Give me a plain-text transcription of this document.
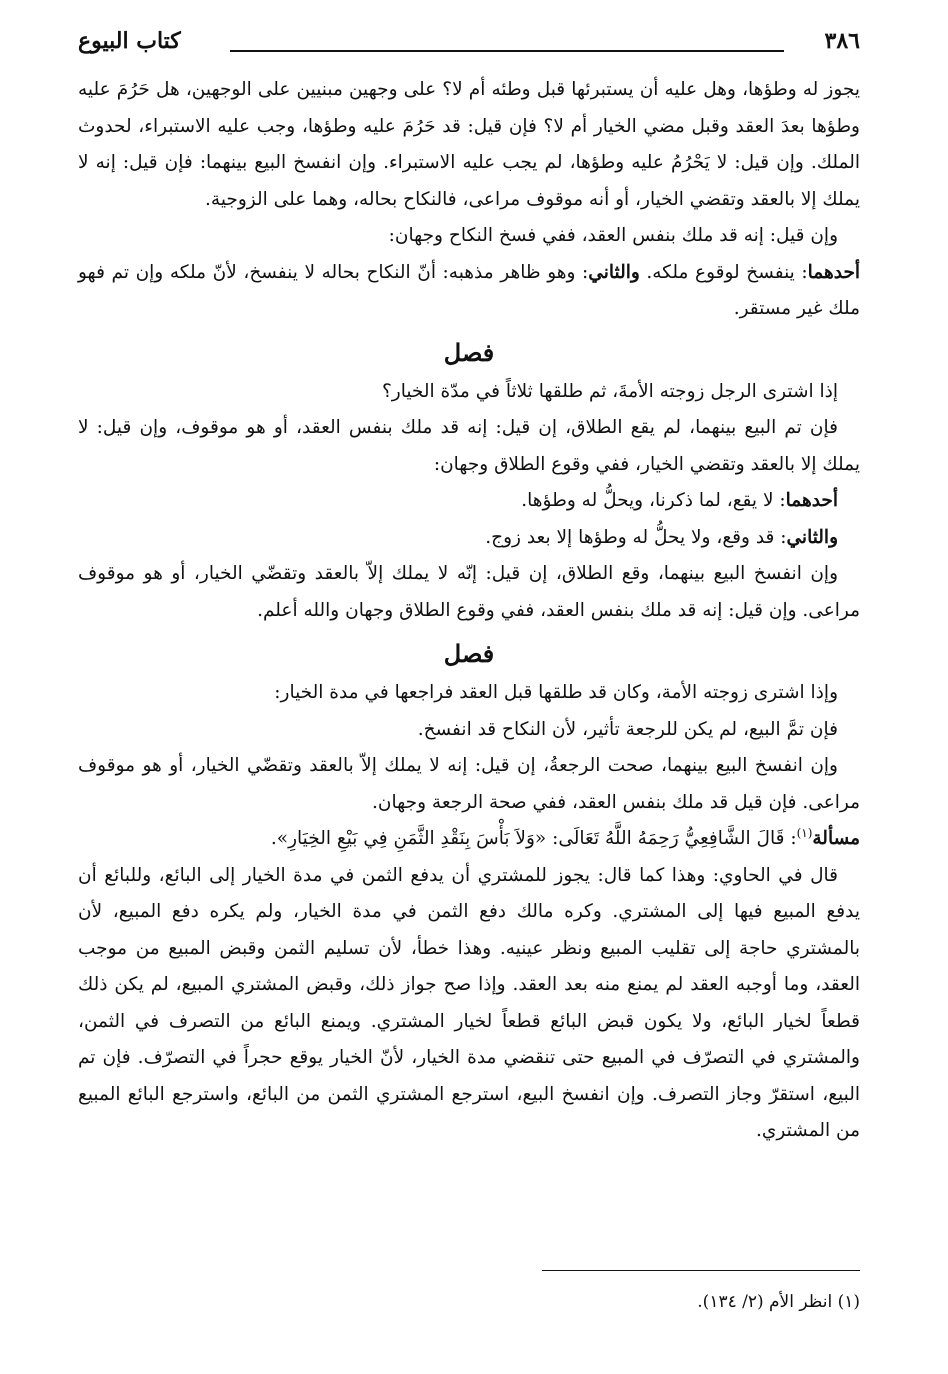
٣٨٦
كتاب البيوع

يجوز له وطؤها، وهل عليه أن يستبرئها قبل وطئه أم لا؟ على وجهين مبنيين على الوجهين، هل حَرُمَ عليه وطؤها بعدَ العقد وقبل مضي الخيار أم لا؟ فإن قيل: قد حَرُمَ عليه وطؤها، وجب عليه الاستبراء، لحدوث الملك. وإن قيل: لا يَحْرُمُ عليه وطؤها، لم يجب عليه الاستبراء. وإن انفسخ البيع بينهما: فإن قيل: إنه لا يملك إلا بالعقد وتقضي الخيار، أو أنه موقوف مراعى، فالنكاح بحاله، وهما على الزوجية.

وإن قيل: إنه قد ملك بنفس العقد، ففي فسخ النكاح وجهان:

أحدهما: ينفسخ لوقوع ملكه. والثاني: وهو ظاهر مذهبه: أنّ النكاح بحاله لا ينفسخ، لأنّ ملكه وإن تم فهو ملك غير مستقر.

فصل

إذا اشترى الرجل زوجته الأمةَ، ثم طلقها ثلاثاً في مدّة الخيار؟

فإن تم البيع بينهما، لم يقع الطلاق، إن قيل: إنه قد ملك بنفس العقد، أو هو موقوف، وإن قيل: لا يملك إلا بالعقد وتقضي الخيار، ففي وقوع الطلاق وجهان:

أحدهما: لا يقع، لما ذكرنا، ويحلُّ له وطؤها.

والثاني: قد وقع، ولا يحلُّ له وطؤها إلا بعد زوج.

وإن انفسخ البيع بينهما، وقع الطلاق، إن قيل: إنّه لا يملك إلاّ بالعقد وتقضّي الخيار، أو هو موقوف مراعى. وإن قيل: إنه قد ملك بنفس العقد، ففي وقوع الطلاق وجهان والله أعلم.

فصل

وإذا اشترى زوجته الأمة، وكان قد طلقها قبل العقد فراجعها في مدة الخيار:

فإن تمَّ البيع، لم يكن للرجعة تأثير، لأن النكاح قد انفسخ.

وإن انفسخ البيع بينهما، صحت الرجعةُ، إن قيل: إنه لا يملك إلاّ بالعقد وتقضّي الخيار، أو هو موقوف مراعى. فإن قيل قد ملك بنفس العقد، ففي صحة الرجعة وجهان.

مسألة$^{(١)}$: قَالَ الشَّافِعِيُّ رَحِمَهُ اللَّهُ تَعَالَى: «وَلاَ بَأْسَ بِنَقْدِ الثَّمَنِ فِي بَيْعِ الخِيَارِ».

قال في الحاوي: وهذا كما قال: يجوز للمشتري أن يدفع الثمن في مدة الخيار إلى البائع، وللبائع أن يدفع المبيع فيها إلى المشتري. وكره مالك دفع الثمن في مدة الخيار، ولم يكره دفع المبيع، لأن بالمشتري حاجة إلى تقليب المبيع ونظر عينيه. وهذا خطأ، لأن تسليم الثمن وقبض المبيع من موجب العقد، وما أوجبه العقد لم يمنع منه بعد العقد. وإذا صح جواز ذلك، وقبض المشتري المبيع، لم يكن ذلك قطعاً لخيار البائع، ولا يكون قبض البائع قطعاً لخيار المشتري. ويمنع البائع من التصرف في الثمن، والمشتري في التصرّف في المبيع حتى تنقضي مدة الخيار، لأنّ الخيار يوقع حجراً في التصرّف. فإن تم البيع، استقرّ وجاز التصرف. وإن انفسخ البيع، استرجع المشتري الثمن من البائع، واسترجع البائع المبيع من المشتري.

(١) انظر الأم (٢/ ١٣٤).
